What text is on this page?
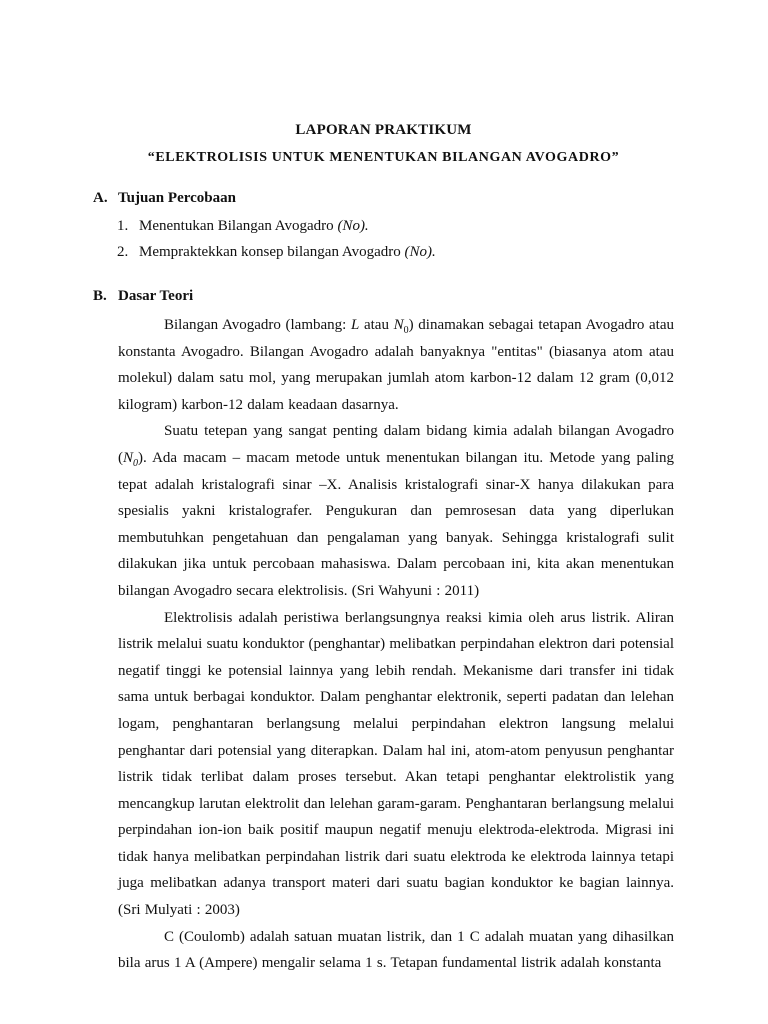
LAPORAN PRAKTIKUM
“ELEKTROLISIS UNTUK MENENTUKAN BILANGAN AVOGADRO”
A. Tujuan Percobaan
1. Menentukan Bilangan Avogadro (No).
2. Mempraktekkan konsep bilangan Avogadro (No).
B. Dasar Teori

Bilangan Avogadro (lambang: L atau $N_0$) dinamakan sebagai tetapan Avogadro atau konstanta Avogadro. Bilangan Avogadro adalah banyaknya "entitas" (biasanya atom atau molekul) dalam satu mol, yang merupakan jumlah atom karbon-12 dalam 12 gram (0,012 kilogram) karbon-12 dalam keadaan dasarnya.

Suatu tetepan yang sangat penting dalam bidang kimia adalah bilangan Avogadro $(N_0)$. Ada macam – macam metode untuk menentukan bilangan itu. Metode yang paling tepat adalah kristalografi sinar –X. Analisis kristalografi sinar-X hanya dilakukan para spesialis yakni kristalografer. Pengukuran dan pemrosesan data yang diperlukan membutuhkan pengetahuan dan pengalaman yang banyak. Sehingga kristalografi sulit dilakukan jika untuk percobaan mahasiswa. Dalam percobaan ini, kita akan menentukan bilangan Avogadro secara elektrolisis. (Sri Wahyuni : 2011)

Elektrolisis adalah peristiwa berlangsungnya reaksi kimia oleh arus listrik. Aliran listrik melalui suatu konduktor (penghantar) melibatkan perpindahan elektron dari potensial negatif tinggi ke potensial lainnya yang lebih rendah. Mekanisme dari transfer ini tidak sama untuk berbagai konduktor. Dalam penghantar elektronik, seperti padatan dan lelehan logam, penghantaran berlangsung melalui perpindahan elektron langsung melalui penghantar dari potensial yang diterapkan. Dalam hal ini, atom-atom penyusun penghantar listrik tidak terlibat dalam proses tersebut. Akan tetapi penghantar elektrolistik yang mencangkup larutan elektrolit dan lelehan garam-garam. Penghantaran berlangsung melalui perpindahan ion-ion baik positif maupun negatif menuju elektroda-elektroda. Migrasi ini tidak hanya melibatkan perpindahan listrik dari suatu elektroda ke elektroda lainnya tetapi juga melibatkan adanya transport materi dari suatu bagian konduktor ke bagian lainnya. (Sri Mulyati : 2003)

C (Coulomb) adalah satuan muatan listrik, dan 1 C adalah muatan yang dihasilkan bila arus 1 A (Ampere) mengalir selama 1 s. Tetapan fundamental listrik adalah konstanta
